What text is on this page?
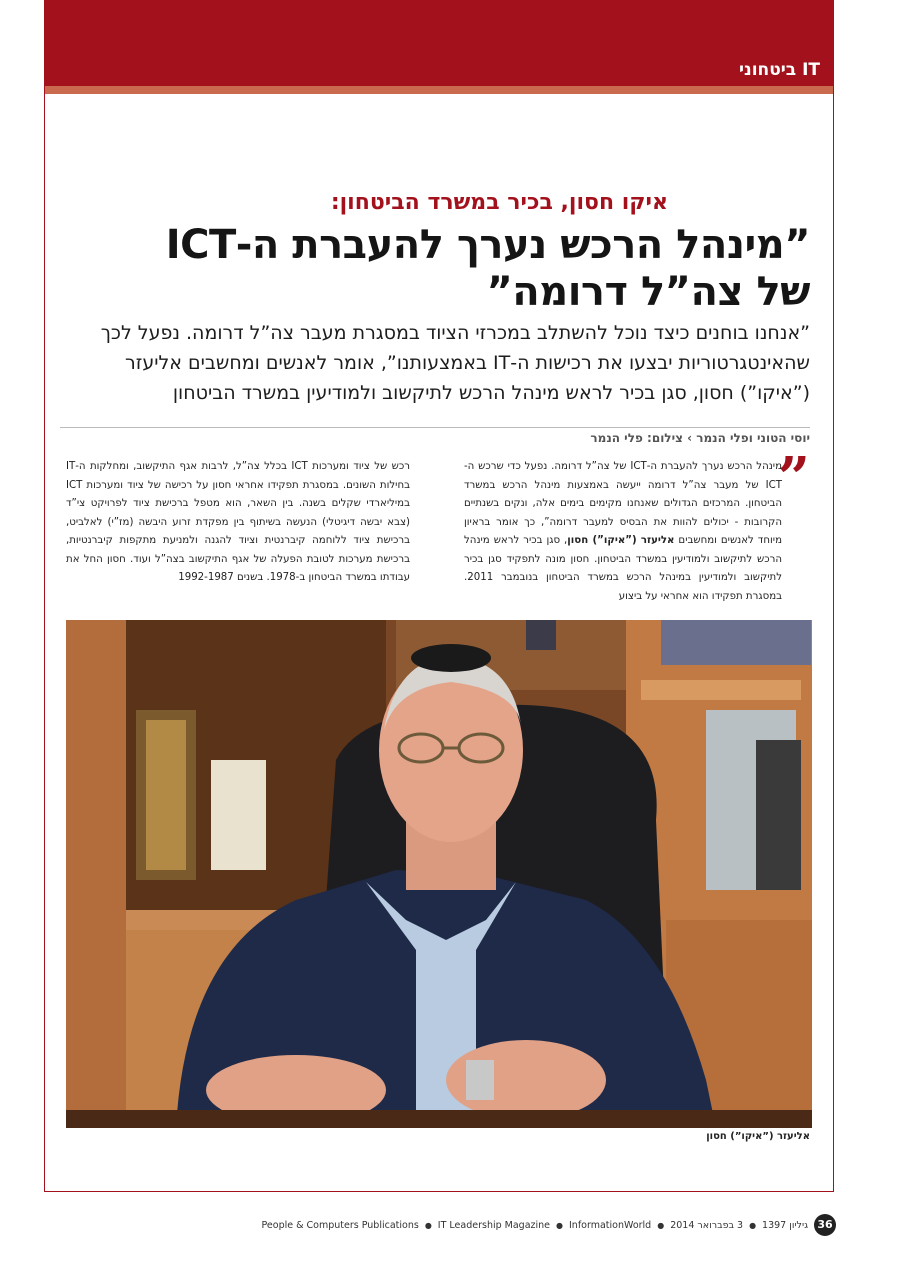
IT ביטחוני
איקו חסון, בכיר במשרד הביטחון:
”מינהל הרכש נערך להעברת ה-ICT של צה”ל דרומה”
”אנחנו בוחנים כיצד נוכל להשתלב במכרזי הציוד במסגרת מעבר צה”ל דרומה. נפעל לכך שהאינטגרטוריות יבצעו את רכישות ה-IT באמצעותנו”, אומר לאנשים ומחשבים אליעזר (”איקו”) חסון, סגן בכיר לראש מינהל הרכש לתיקשוב ולמודיעין במשרד הביטחון
יוסי הטוני ופלי הנמר › צילום: פלי הנמר
”
מינהל הרכש נערך להעברת ה-ICT של צה”ל דרומה. נפעל כדי שרכש ה-ICT של מעבר צה”ל דרומה ייעשה באמצעות מינהל הרכש במשרד הביטחון. המרכזים הגדולים שאנחנו מקימים בימים אלה, ונקים בשנתיים הקרובות - יכולים להוות את הבסיס למעבר דרומה”, כך אומר בראיון מיוחד לאנשים ומחשבים אליעזר (”איקו”) חסון, סגן בכיר לראש מינהל הרכש לתיקשוב ולמודיעין במשרד הביטחון. חסון מונה לתפקיד סגן בכיר לתיקשוב ולמודיעין במינהל הרכש במשרד הביטחון בנובמבר 2011. במסגרת תפקידו הוא אחראי על ביצוע
רכש של ציוד ומערכות ICT בכלל צה”ל, לרבות אגף התיקשוב, ומחלקות ה-IT בחילות השונים. במסגרת תפקידו אחראי חסון על רכישה של ציוד ומערכות ICT במיליארדי שקלים בשנה. בין השאר, הוא מטפל ברכישת ציוד לפרויקט צי”ד (צבא יבשה דיגיטלי) הנעשה בשיתוף בין מפקדת זרוע היבשה (מז”י) לאלביט, ברכישת ציוד ללוחמה קיברנטית וציוד להגנה ולמניעת מתקפות קיברנטיות, ברכישת מערכות לטובת הפעלה של אגף התיקשוב בצה”ל ועוד. חסון החל את עבודתו במשרד הביטחון ב-1978. בשנים 1992-1987
אליעזר (”איקו”) חסון
36
גיליון 1397
●
3 בפברואר 2014
●
InformationWorld
●
IT Leadership Magazine
●
People & Computers Publications
